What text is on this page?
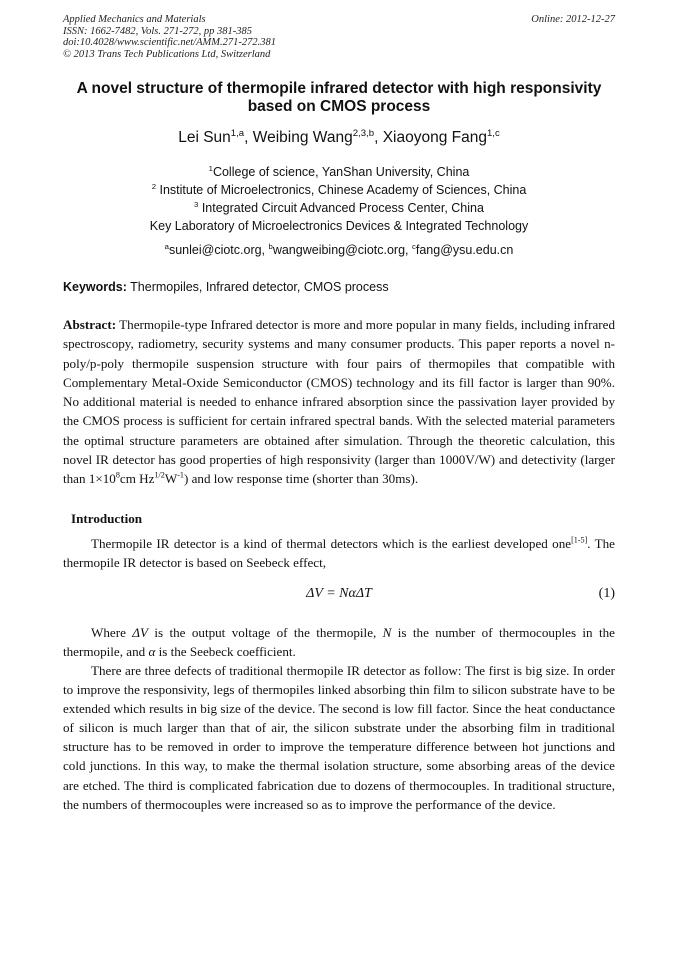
Applied Mechanics and Materials
ISSN: 1662-7482, Vols. 271-272, pp 381-385
doi:10.4028/www.scientific.net/AMM.271-272.381
© 2013 Trans Tech Publications Ltd, Switzerland
Online: 2012-12-27
A novel structure of thermopile infrared detector with high responsivity
based on CMOS process
Lei Sun$^{1,a}$, Weibing Wang$^{2,3,b}$, Xiaoyong Fang$^{1,c}$
$^1$College of science, YanShan University, China
$^2$ Institute of Microelectronics, Chinese Academy of Sciences, China
$^3$ Integrated Circuit Advanced Process Center, China
Key Laboratory of Microelectronics Devices & Integrated Technology
$^a$sunlei@ciotc.org, $^b$wangweibing@ciotc.org, $^c$fang@ysu.edu.cn
Keywords: Thermopiles, Infrared detector, CMOS process
Abstract: Thermopile-type Infrared detector is more and more popular in many fields, including infrared spectroscopy, radiometry, security systems and many consumer products. This paper reports a novel n-poly/p-poly thermopile suspension structure with four pairs of thermopiles that compatible with Complementary Metal-Oxide Semiconductor (CMOS) technology and its fill factor is larger than 90%. No additional material is needed to enhance infrared absorption since the passivation layer provided by the CMOS process is sufficient for certain infrared spectral bands. With the selected material parameters the optimal structure parameters are obtained after simulation. Through the theoretic calculation, this novel IR detector has good properties of high responsivity (larger than 1000V/W) and detectivity (larger than $1\times 10^8cm$ $Hz^{1/2}W^{-1}$) and low response time (shorter than 30ms).
Introduction
Thermopile IR detector is a kind of thermal detectors which is the earliest developed one[1-5]. The thermopile IR detector is based on Seebeck effect,
ΔV = NαΔT	(1)
Where ΔV is the output voltage of the thermopile, N is the number of thermocouples in the thermopile, and α is the Seebeck coefficient.
There are three defects of traditional thermopile IR detector as follow: The first is big size. In order to improve the responsivity, legs of thermopiles linked absorbing thin film to silicon substrate have to be extended which results in big size of the device. The second is low fill factor. Since the heat conductance of silicon is much larger than that of air, the silicon substrate under the absorbing film in traditional structure has to be removed in order to improve the temperature difference between hot junctions and cold junctions. In this way, to make the thermal isolation structure, some absorbing areas of the device are etched. The third is complicated fabrication due to dozens of thermocouples. In traditional structure, the numbers of thermocouples were increased so as to improve the performance of the device.
